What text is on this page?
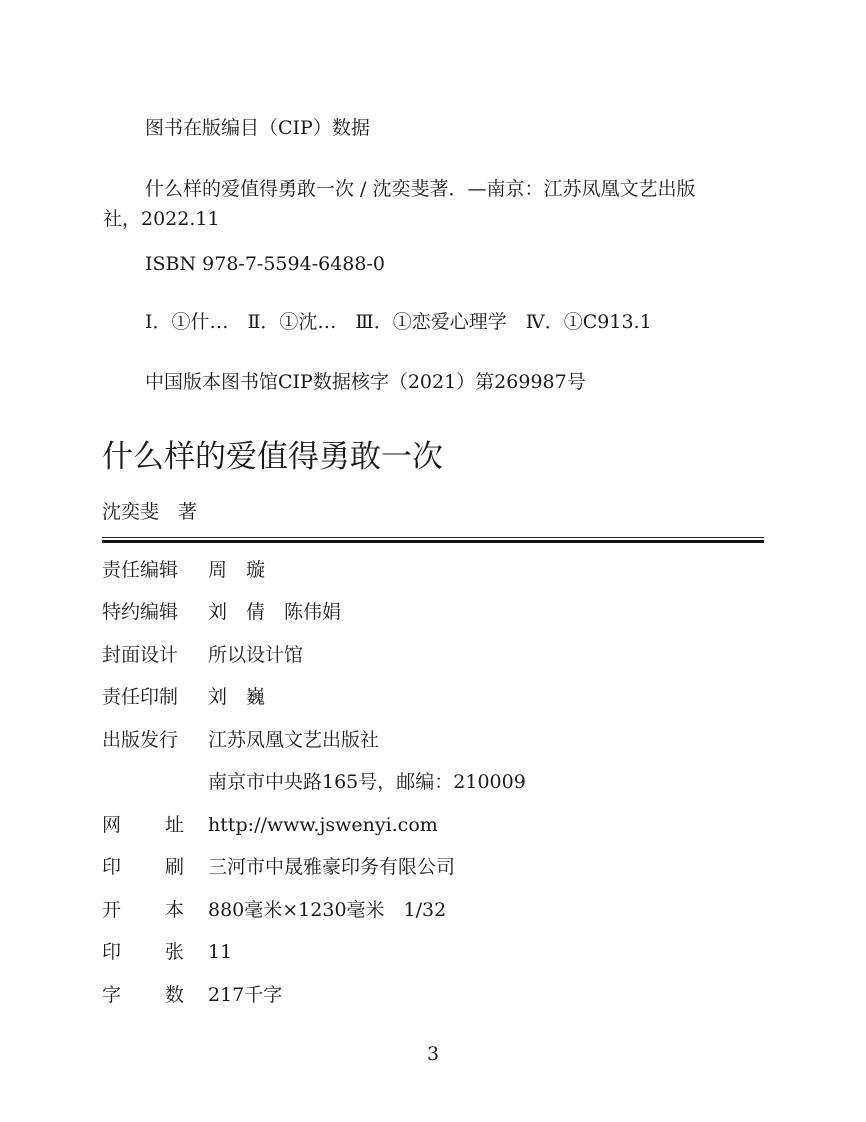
图书在版编目（CIP）数据
什么样的爱值得勇敢一次 / 沈奕斐著．—南京：江苏凤凰文艺出版
社，2022.11
ISBN 978-7-5594-6488-0
Ⅰ．①什…　Ⅱ．①沈…　Ⅲ．①恋爱心理学　Ⅳ．①C913.1
中国版本图书馆CIP数据核字（2021）第269987号
什么样的爱值得勇敢一次
沈奕斐　著
责任编辑	周　璇
特约编辑	刘　倩　陈伟娟
封面设计	所以设计馆
责任印制	刘　巍
出版发行	江苏凤凰文艺出版社
南京市中央路165号，邮编：210009
网 址 http://www.jswenyi.com
印 刷 三河市中晟雅豪印务有限公司
开 本 880毫米×1230毫米　1/32
印 张 11
字 数 217千字
3
